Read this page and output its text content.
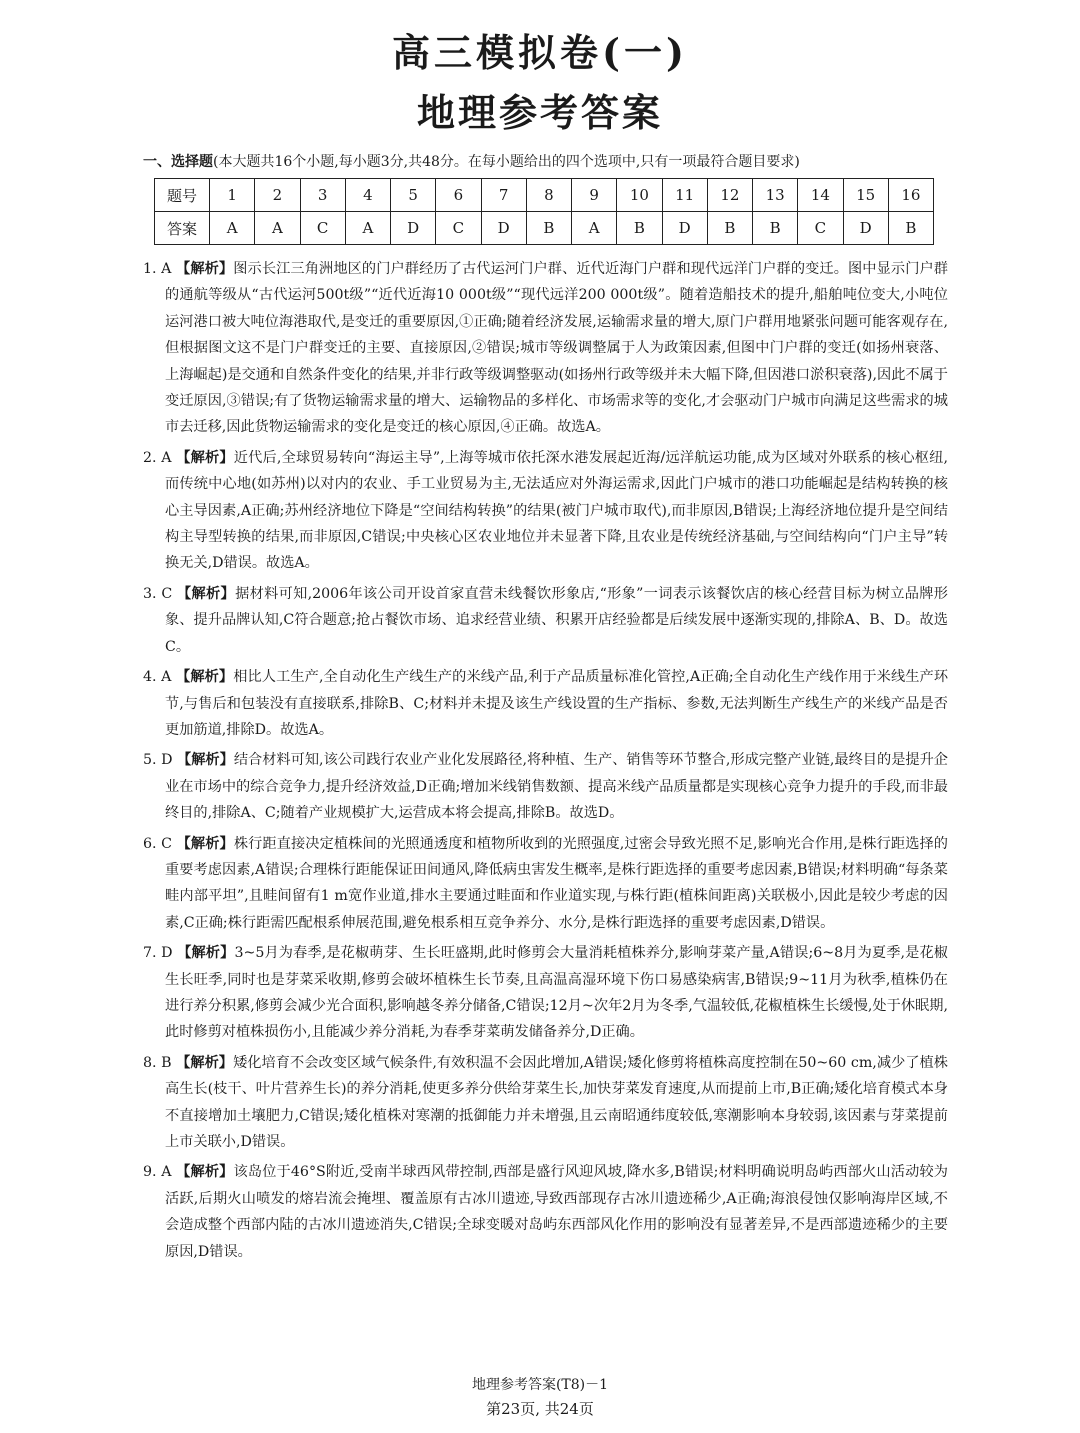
高三模拟卷(一)
地理参考答案
一、选择题(本大题共16个小题,每小题3分,共48分。在每小题给出的四个选项中,只有一项最符合题目要求)
题号	1	2	3	4	5	6	7	8	9	10	11	12	13	14	15	16
答案	A	A	C	A	D	C	D	B	A	B	D	B	B	C	D	B

1. A 【解析】图示长江三角洲地区的门户群经历了古代运河门户群、近代近海门户群和现代远洋门户群的变迁。图中显示门户群的通航等级从“古代运河500t级”“近代近海10 000t级”“现代远洋200 000t级”。随着造船技术的提升,船舶吨位变大,小吨位运河港口被大吨位海港取代,是变迁的重要原因,①正确;随着经济发展,运输需求量的增大,原门户群用地紧张问题可能客观存在,但根据图文这不是门户群变迁的主要、直接原因,②错误;城市等级调整属于人为政策因素,但图中门户群的变迁(如扬州衰落、上海崛起)是交通和自然条件变化的结果,并非行政等级调整驱动(如扬州行政等级并未大幅下降,但因港口淤积衰落),因此不属于变迁原因,③错误;有了货物运输需求量的增大、运输物品的多样化、市场需求等的变化,才会驱动门户城市向满足这些需求的城市去迁移,因此货物运输需求的变化是变迁的核心原因,④正确。故选A。

2. A 【解析】近代后,全球贸易转向“海运主导”,上海等城市依托深水港发展起近海/远洋航运功能,成为区域对外联系的核心枢纽,而传统中心地(如苏州)以对内的农业、手工业贸易为主,无法适应对外海运需求,因此门户城市的港口功能崛起是结构转换的核心主导因素,A正确;苏州经济地位下降是“空间结构转换”的结果(被门户城市取代),而非原因,B错误;上海经济地位提升是空间结构主导型转换的结果,而非原因,C错误;中央核心区农业地位并未显著下降,且农业是传统经济基础,与空间结构向“门户主导”转换无关,D错误。故选A。

3. C 【解析】据材料可知,2006年该公司开设首家直营未线餐饮形象店,“形象”一词表示该餐饮店的核心经营目标为树立品牌形象、提升品牌认知,C符合题意;抢占餐饮市场、追求经营业绩、积累开店经验都是后续发展中逐渐实现的,排除A、B、D。故选C。

4. A 【解析】相比人工生产,全自动化生产线生产的米线产品,利于产品质量标准化管控,A正确;全自动化生产线作用于米线生产环节,与售后和包装没有直接联系,排除B、C;材料并未提及该生产线设置的生产指标、参数,无法判断生产线生产的米线产品是否更加筋道,排除D。故选A。

5. D 【解析】结合材料可知,该公司践行农业产业化发展路径,将种植、生产、销售等环节整合,形成完整产业链,最终目的是提升企业在市场中的综合竞争力,提升经济效益,D正确;增加米线销售数额、提高米线产品质量都是实现核心竞争力提升的手段,而非最终目的,排除A、C;随着产业规模扩大,运营成本将会提高,排除B。故选D。

6. C 【解析】株行距直接决定植株间的光照通透度和植物所收到的光照强度,过密会导致光照不足,影响光合作用,是株行距选择的重要考虑因素,A错误;合理株行距能保证田间通风,降低病虫害发生概率,是株行距选择的重要考虑因素,B错误;材料明确“每条菜畦内部平坦”,且畦间留有1 m宽作业道,排水主要通过畦面和作业道实现,与株行距(植株间距离)关联极小,因此是较少考虑的因素,C正确;株行距需匹配根系伸展范围,避免根系相互竞争养分、水分,是株行距选择的重要考虑因素,D错误。

7. D 【解析】3~5月为春季,是花椒萌芽、生长旺盛期,此时修剪会大量消耗植株养分,影响芽菜产量,A错误;6~8月为夏季,是花椒生长旺季,同时也是芽菜采收期,修剪会破坏植株生长节奏,且高温高湿环境下伤口易感染病害,B错误;9~11月为秋季,植株仍在进行养分积累,修剪会减少光合面积,影响越冬养分储备,C错误;12月~次年2月为冬季,气温较低,花椒植株生长缓慢,处于休眠期,此时修剪对植株损伤小,且能减少养分消耗,为春季芽菜萌发储备养分,D正确。

8. B 【解析】矮化培育不会改变区域气候条件,有效积温不会因此增加,A错误;矮化修剪将植株高度控制在50~60 cm,减少了植株高生长(枝干、叶片营养生长)的养分消耗,使更多养分供给芽菜生长,加快芽菜发育速度,从而提前上市,B正确;矮化培育模式本身不直接增加土壤肥力,C错误;矮化植株对寒潮的抵御能力并未增强,且云南昭通纬度较低,寒潮影响本身较弱,该因素与芽菜提前上市关联小,D错误。

9. A 【解析】该岛位于46°S附近,受南半球西风带控制,西部是盛行风迎风坡,降水多,B错误;材料明确说明岛屿西部火山活动较为活跃,后期火山喷发的熔岩流会掩埋、覆盖原有古冰川遗迹,导致西部现存古冰川遗迹稀少,A正确;海浪侵蚀仅影响海岸区域,不会造成整个西部内陆的古冰川遗迹消失,C错误;全球变暖对岛屿东西部风化作用的影响没有显著差异,不是西部遗迹稀少的主要原因,D错误。

地理参考答案(T8)－1
第23页, 共24页
